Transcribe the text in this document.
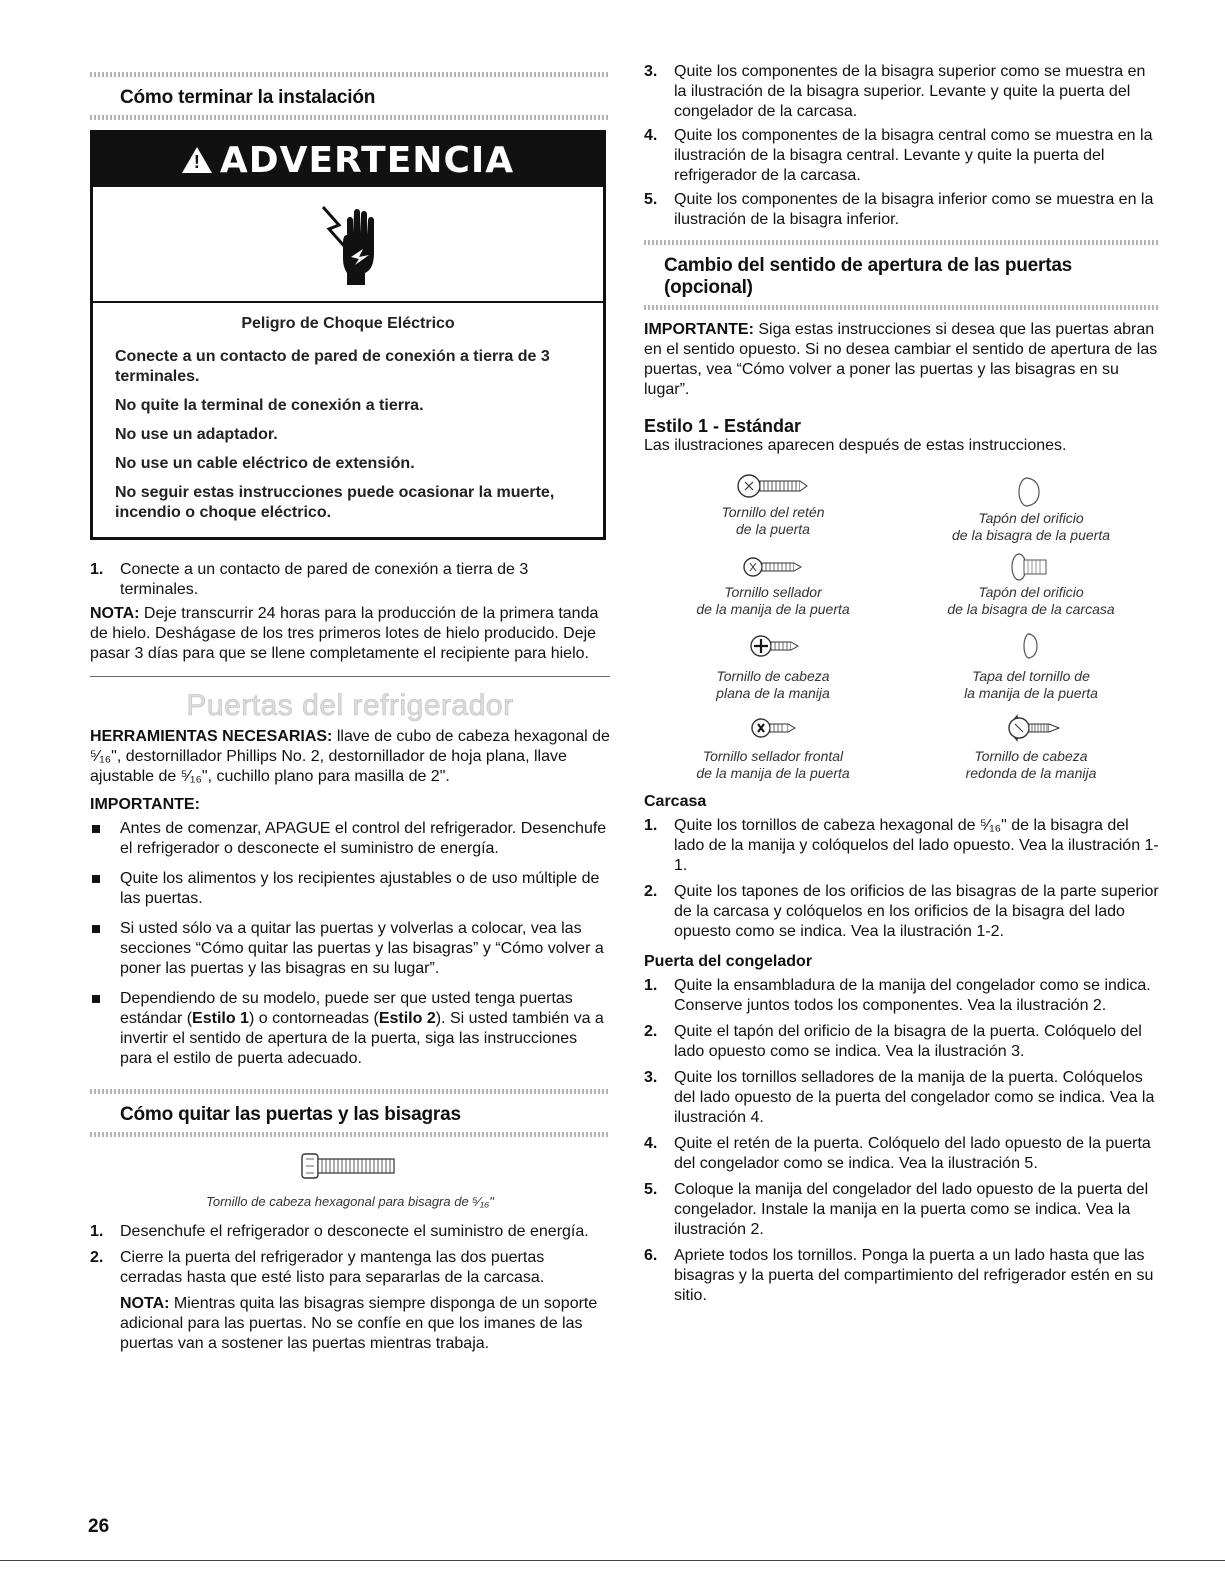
Cómo terminar la instalación
! ADVERTENCIA
Peligro de Choque Eléctrico

Conecte a un contacto de pared de conexión a tierra de 3 terminales.

No quite la terminal de conexión a tierra.

No use un adaptador.

No use un cable eléctrico de extensión.

No seguir estas instrucciones puede ocasionar la muerte, incendio o choque eléctrico.

1. Conecte a un contacto de pared de conexión a tierra de 3 terminales.

NOTA: Deje transcurrir 24 horas para la producción de la primera tanda de hielo. Deshágase de los tres primeros lotes de hielo producido. Deje pasar 3 días para que se llene completamente el recipiente para hielo.

Puertas del refrigerador

HERRAMIENTAS NECESARIAS: llave de cubo de cabeza hexagonal de ⁵⁄₁₆", destornillador Phillips No. 2, destornillador de hoja plana, llave ajustable de ⁵⁄₁₆", cuchillo plano para masilla de 2".

IMPORTANTE:

Antes de comenzar, APAGUE el control del refrigerador. Desenchufe el refrigerador o desconecte el suministro de energía.
Quite los alimentos y los recipientes ajustables o de uso múltiple de las puertas.
Si usted sólo va a quitar las puertas y volverlas a colocar, vea las secciones “Cómo quitar las puertas y las bisagras” y “Cómo volver a poner las puertas y las bisagras en su lugar”.
Dependiendo de su modelo, puede ser que usted tenga puertas estándar (Estilo 1) o contorneadas (Estilo 2). Si usted también va a invertir el sentido de apertura de la puerta, siga las instrucciones para el estilo de puerta adecuado.
Cómo quitar las puertas y las bisagras

Tornillo de cabeza hexagonal para bisagra de ⁵⁄₁₆"

1. Desenchufe el refrigerador o desconecte el suministro de energía.
2. Cierre la puerta del refrigerador y mantenga las dos puertas cerradas hasta que esté listo para separarlas de la carcasa.

NOTA: Mientras quita las bisagras siempre disponga de un soporte adicional para las puertas. No se confíe en que los imanes de las puertas van a sostener las puertas mientras trabaja.

3. Quite los componentes de la bisagra superior como se muestra en la ilustración de la bisagra superior. Levante y quite la puerta del congelador de la carcasa.
4. Quite los componentes de la bisagra central como se muestra en la ilustración de la bisagra central. Levante y quite la puerta del refrigerador de la carcasa.
5. Quite los componentes de la bisagra inferior como se muestra en la ilustración de la bisagra inferior.
Cambio del sentido de apertura de las puertas (opcional)

IMPORTANTE: Siga estas instrucciones si desea que las puertas abran en el sentido opuesto. Si no desea cambiar el sentido de apertura de las puertas, vea “Cómo volver a poner las puertas y las bisagras en su lugar”.

Estilo 1 - Estándar

Las ilustraciones aparecen después de estas instrucciones.

Tornillo del retén
de la puerta

Tapón del orificio
de la bisagra de la puerta

Tornillo sellador
de la manija de la puerta

Tapón del orificio
de la bisagra de la carcasa

Tornillo de cabeza
plana de la manija

Tapa del tornillo de
la manija de la puerta

Tornillo sellador frontal
de la manija de la puerta

Tornillo de cabeza
redonda de la manija

Carcasa

1. Quite los tornillos de cabeza hexagonal de ⁵⁄₁₆" de la bisagra del lado de la manija y colóquelos del lado opuesto. Vea la ilustración 1-1.
2. Quite los tapones de los orificios de las bisagras de la parte superior de la carcasa y colóquelos en los orificios de la bisagra del lado opuesto como se indica. Vea la ilustración 1-2.

Puerta del congelador

1. Quite la ensambladura de la manija del congelador como se indica. Conserve juntos todos los componentes. Vea la ilustración 2.
2. Quite el tapón del orificio de la bisagra de la puerta. Colóquelo del lado opuesto como se indica. Vea la ilustración 3.
3. Quite los tornillos selladores de la manija de la puerta. Colóquelos del lado opuesto de la puerta del congelador como se indica. Vea la ilustración 4.
4. Quite el retén de la puerta. Colóquelo del lado opuesto de la puerta del congelador como se indica. Vea la ilustración 5.
5. Coloque la manija del congelador del lado opuesto de la puerta del congelador. Instale la manija en la puerta como se indica. Vea la ilustración 2.
6. Apriete todos los tornillos. Ponga la puerta a un lado hasta que las bisagras y la puerta del compartimiento del refrigerador estén en su sitio.
26
